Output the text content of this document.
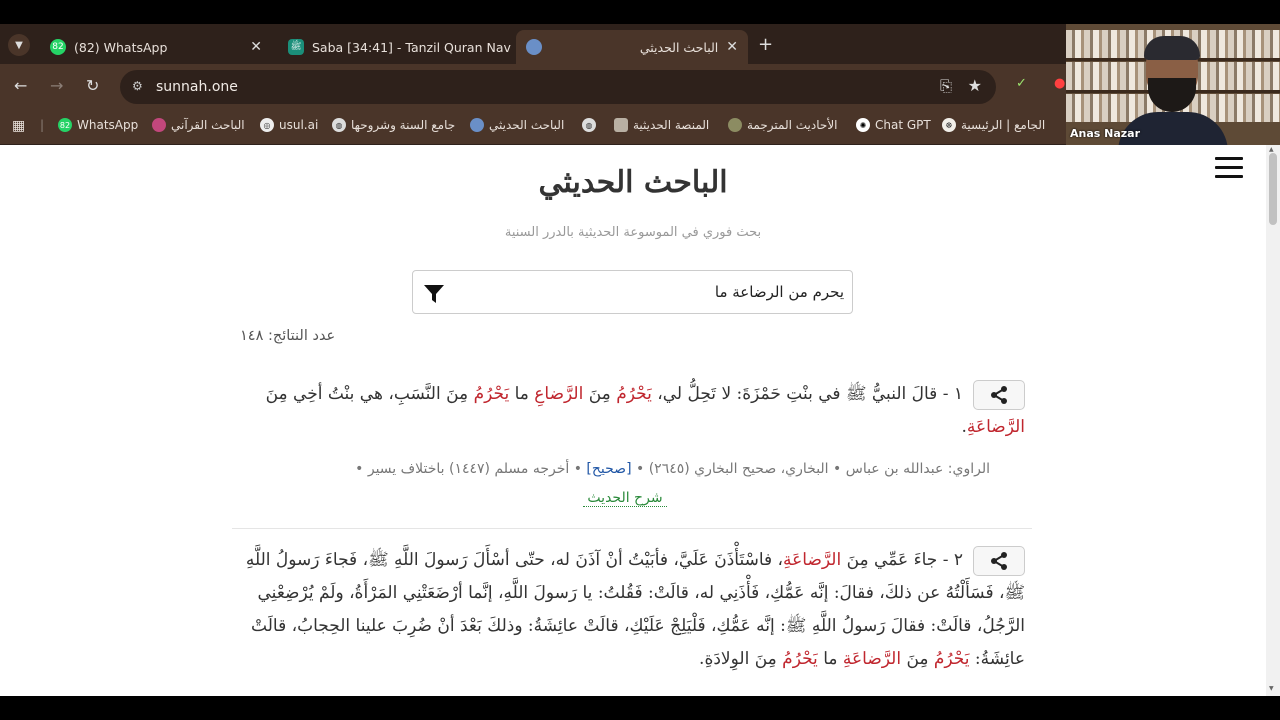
▼	82 (82) WhatsApp	✕	ﷺ Saba [34:41] - Tanzil Quran Nav	الباحث الحديثي ✕ +
← → ↻	⚙ sunnah.one	⎘ ★	✓ ●
▦ | 82 WhatsApp	الباحث القرآني	◎ usul.ai	◍ جامع السنة وشروحها	الباحث الحديثي	◍	المنصة الحديثية	الأحاديث المترجمة	✺ Chat GPT	☸ الجامع | الرئيسية
Anas Nazar
الباحث الحديثي
بحث فوري في الموسوعة الحديثية بالدرر السنية
يحرم من الرضاعة ما
عدد النتائج: ١٤٨
١ - قالَ النبيُّ ﷺ في بنْتِ حَمْزَةَ: لا تَحِلُّ لي، يَحْرُمُ مِنَ الرَّضاعِ ما يَحْرُمُ مِنَ النَّسَبِ، هي بنْتُ أخِي مِنَ الرَّضاعَةِ.
الراوي: عبدالله بن عباس • البخاري، صحيح البخاري (٢٦٤٥) • [صحيح] • أخرجه مسلم (١٤٤٧) باختلاف يسير •
شرح الحديث
٢ - جاءَ عَمِّي مِنَ الرَّضاعَةِ، فاسْتَأْذَنَ عَلَيَّ، فأبَيْتُ أنْ آذَنَ له، حتّى أسْأَلَ رَسولَ اللَّهِ ﷺ، فَجاءَ رَسولُ اللَّهِ ﷺ، فَسَأَلْتُهُ عن ذلكَ، فقالَ: إنَّه عَمُّكِ، فَأْذَنِي له، قالَتْ: فَقُلتُ: يا رَسولَ اللَّهِ، إنَّما أرْضَعَتْنِي المَرْأَةُ، ولَمْ يُرْضِعْنِي الرَّجُلُ، قالَتْ: فقالَ رَسولُ اللَّهِ ﷺ: إنَّه عَمُّكِ، فَلْيَلِجْ عَلَيْكِ، قالَتْ عائِشَةُ: وذلكَ بَعْدَ أنْ ضُرِبَ علينا الحِجابُ، قالَتْ عائِشَةُ: يَحْرُمُ مِنَ الرَّضاعَةِ ما يَحْرُمُ مِنَ الوِلادَةِ.
▲
▼
